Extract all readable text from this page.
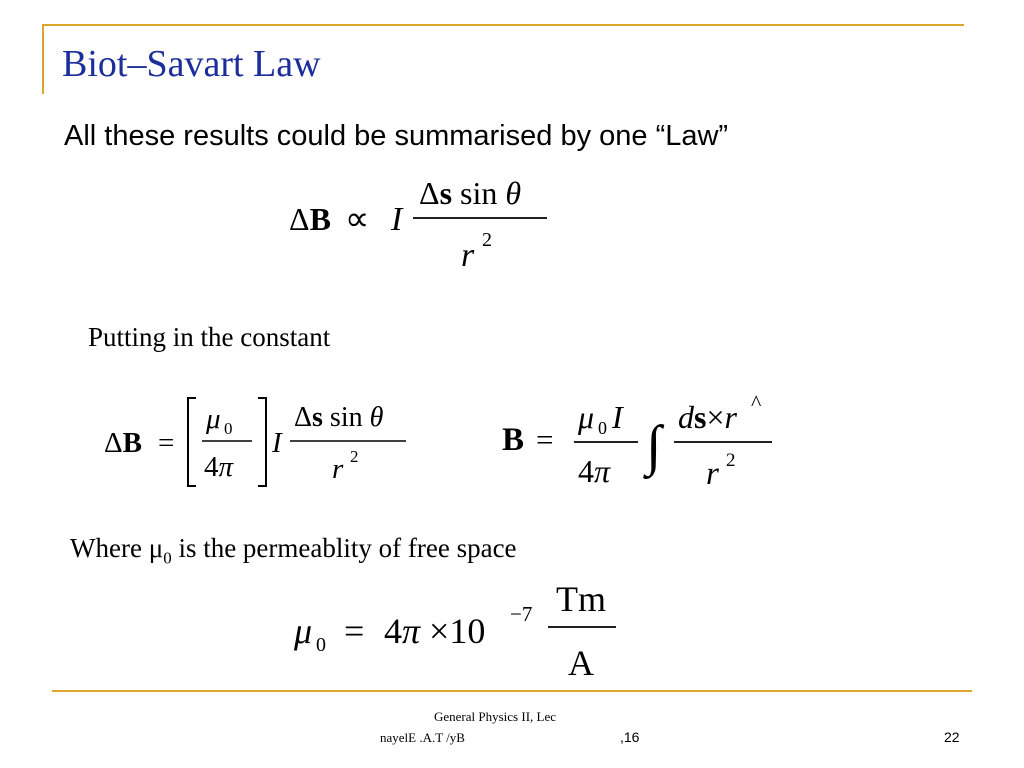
Biot–Savart Law
All these results could be summarised by one “Law”
ΔB ∝ I
Δs sin θ
r 2
Putting in the constant
ΔB =
μ 0
4π
I
Δs sin θ
r 2	B =
μ 0 I
4π ∫ ds×r ^
r 2
Where $\mu_0$ is the permeablity of free space
μ 0 = 4π ×10 −7 Tm
A
General Physics II, Lec
nayelE .A.T /yB	,16	22
